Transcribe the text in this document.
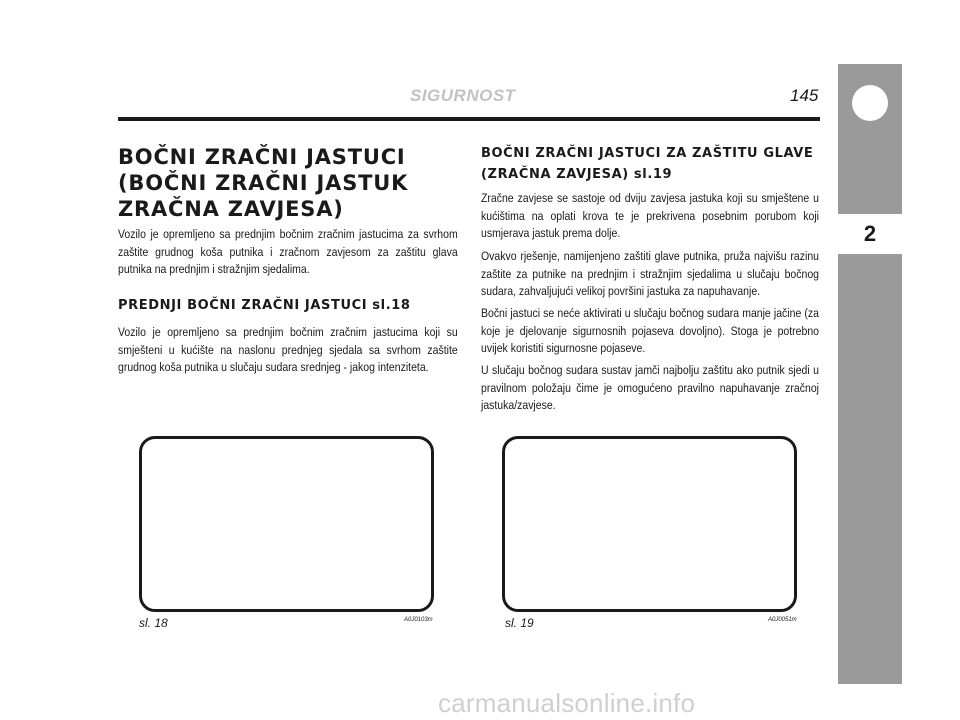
SIGURNOST	145
2
BOČNI ZRAČNI JASTUCI (BOČNI ZRAČNI JASTUK ZRAČNA ZAVJESA)

Vozilo je opremljeno sa prednjim bočnim zračnim jastucima za svrhom zaštite grudnog koša putnika i zračnom zavjesom za zaštitu glava putnika na prednjim i stražnjim sjedalima.

PREDNJI BOČNI ZRAČNI JASTUCI sl.18

Vozilo je opremljeno sa prednjim bočnim zračnim jastucima koji su smješteni u kućište na naslonu prednjeg sjedala sa svrhom zaštite grudnog koša putnika u slučaju sudara srednjeg - jakog intenziteta.

BOČNI ZRAČNI JASTUCI ZA ZAŠTITU GLAVE
(ZRAČNA ZAVJESA) sl.19

Zračne zavjese se sastoje od dviju zavjesa jastuka koji su smještene u kućištima na oplati krova te je prekrivena posebnim porubom koji usmjerava jastuk prema dolje.

Ovakvo rješenje, namijenjeno zaštiti glave putnika, pruža najvišu razinu zaštite za putnike na prednjim i stražnjim sjedalima u slučaju bočnog sudara, zahvaljujući velikoj površini jastuka za napuhavanje.

Bočni jastuci se neće aktivirati u slučaju bočnog sudara manje jačine (za koje je djelovanje sigurnosnih pojaseva dovoljno). Stoga je potrebno uvijek koristiti sigurnosne pojaseve.

U slučaju bočnog sudara sustav jamči najbolju zaštitu ako putnik sjedi u pravilnom položaju čime je omogućeno pravilno napuhavanje zračnoj jastuka/zavjese.

sl. 18	A0J0103m	sl. 19	A0J0051m
carmanualsonline.info
